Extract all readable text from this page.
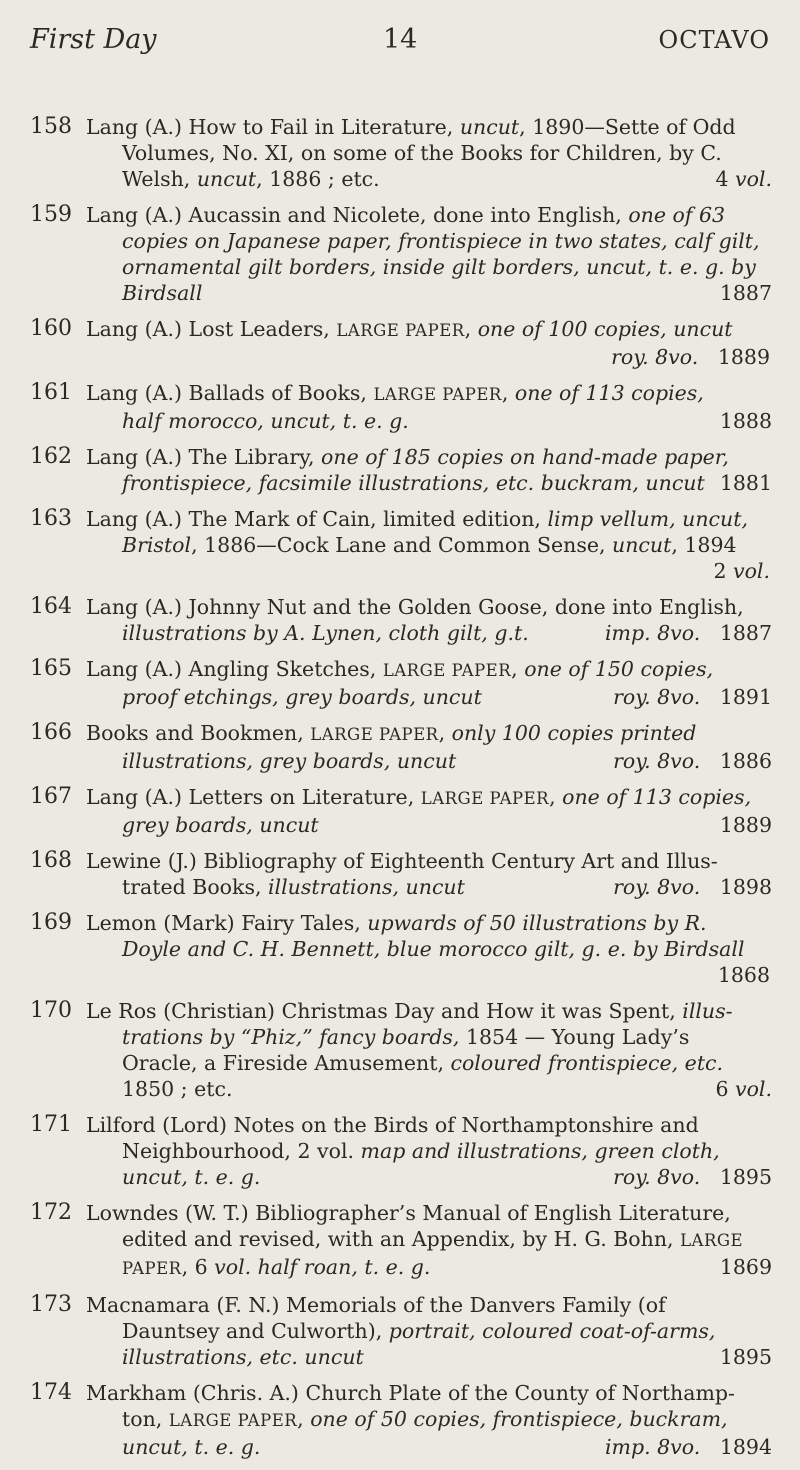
First Day	14	OCTAVO
158 Lang (A.) How to Fail in Literature, uncut, 1890—Sette of Odd
Volumes, No. XI, on some of the Books for Children, by C.
Welsh, uncut, 1886 ; etc.	4 vol.
159 Lang (A.) Aucassin and Nicolete, done into English, one of 63
copies on Japanese paper, frontispiece in two states, calf gilt,
ornamental gilt borders, inside gilt borders, uncut, t. e. g. by
Birdsall	1887
160 Lang (A.) Lost Leaders, LARGE PAPER, one of 100 copies, uncut
roy. 8vo. 1889
161 Lang (A.) Ballads of Books, LARGE PAPER, one of 113 copies,
half morocco, uncut, t. e. g.	1888
162 Lang (A.) The Library, one of 185 copies on hand-made paper,
frontispiece, facsimile illustrations, etc. buckram, uncut 1881
163 Lang (A.) The Mark of Cain, limited edition, limp vellum, uncut,
Bristol, 1886—Cock Lane and Common Sense, uncut, 1894
2 vol.
164 Lang (A.) Johnny Nut and the Golden Goose, done into English,
illustrations by A. Lynen, cloth gilt, g.t.	imp. 8vo. 1887
165 Lang (A.) Angling Sketches, LARGE PAPER, one of 150 copies,
proof etchings, grey boards, uncut	roy. 8vo. 1891
166 Books and Bookmen, LARGE PAPER, only 100 copies printed
illustrations, grey boards, uncut	roy. 8vo. 1886
167 Lang (A.) Letters on Literature, LARGE PAPER, one of 113 copies,
grey boards, uncut	1889
168 Lewine (J.) Bibliography of Eighteenth Century Art and Illus-
trated Books, illustrations, uncut	roy. 8vo. 1898
169 Lemon (Mark) Fairy Tales, upwards of 50 illustrations by R.
Doyle and C. H. Bennett, blue morocco gilt, g. e. by Birdsall
1868
170 Le Ros (Christian) Christmas Day and How it was Spent, illus-
trations by “Phiz,” fancy boards, 1854 — Young Lady’s
Oracle, a Fireside Amusement, coloured frontispiece, etc.
1850 ; etc.	6 vol.
171 Lilford (Lord) Notes on the Birds of Northamptonshire and
Neighbourhood, 2 vol. map and illustrations, green cloth,
uncut, t. e. g.	roy. 8vo. 1895
172 Lowndes (W. T.) Bibliographer’s Manual of English Literature,
edited and revised, with an Appendix, by H. G. Bohn, LARGE
PAPER, 6 vol. half roan, t. e. g.	1869
173 Macnamara (F. N.) Memorials of the Danvers Family (of
Dauntsey and Culworth), portrait, coloured coat-of-arms,
illustrations, etc. uncut	1895
174 Markham (Chris. A.) Church Plate of the County of Northamp-
ton, LARGE PAPER, one of 50 copies, frontispiece, buckram,
uncut, t. e. g.	imp. 8vo. 1894
